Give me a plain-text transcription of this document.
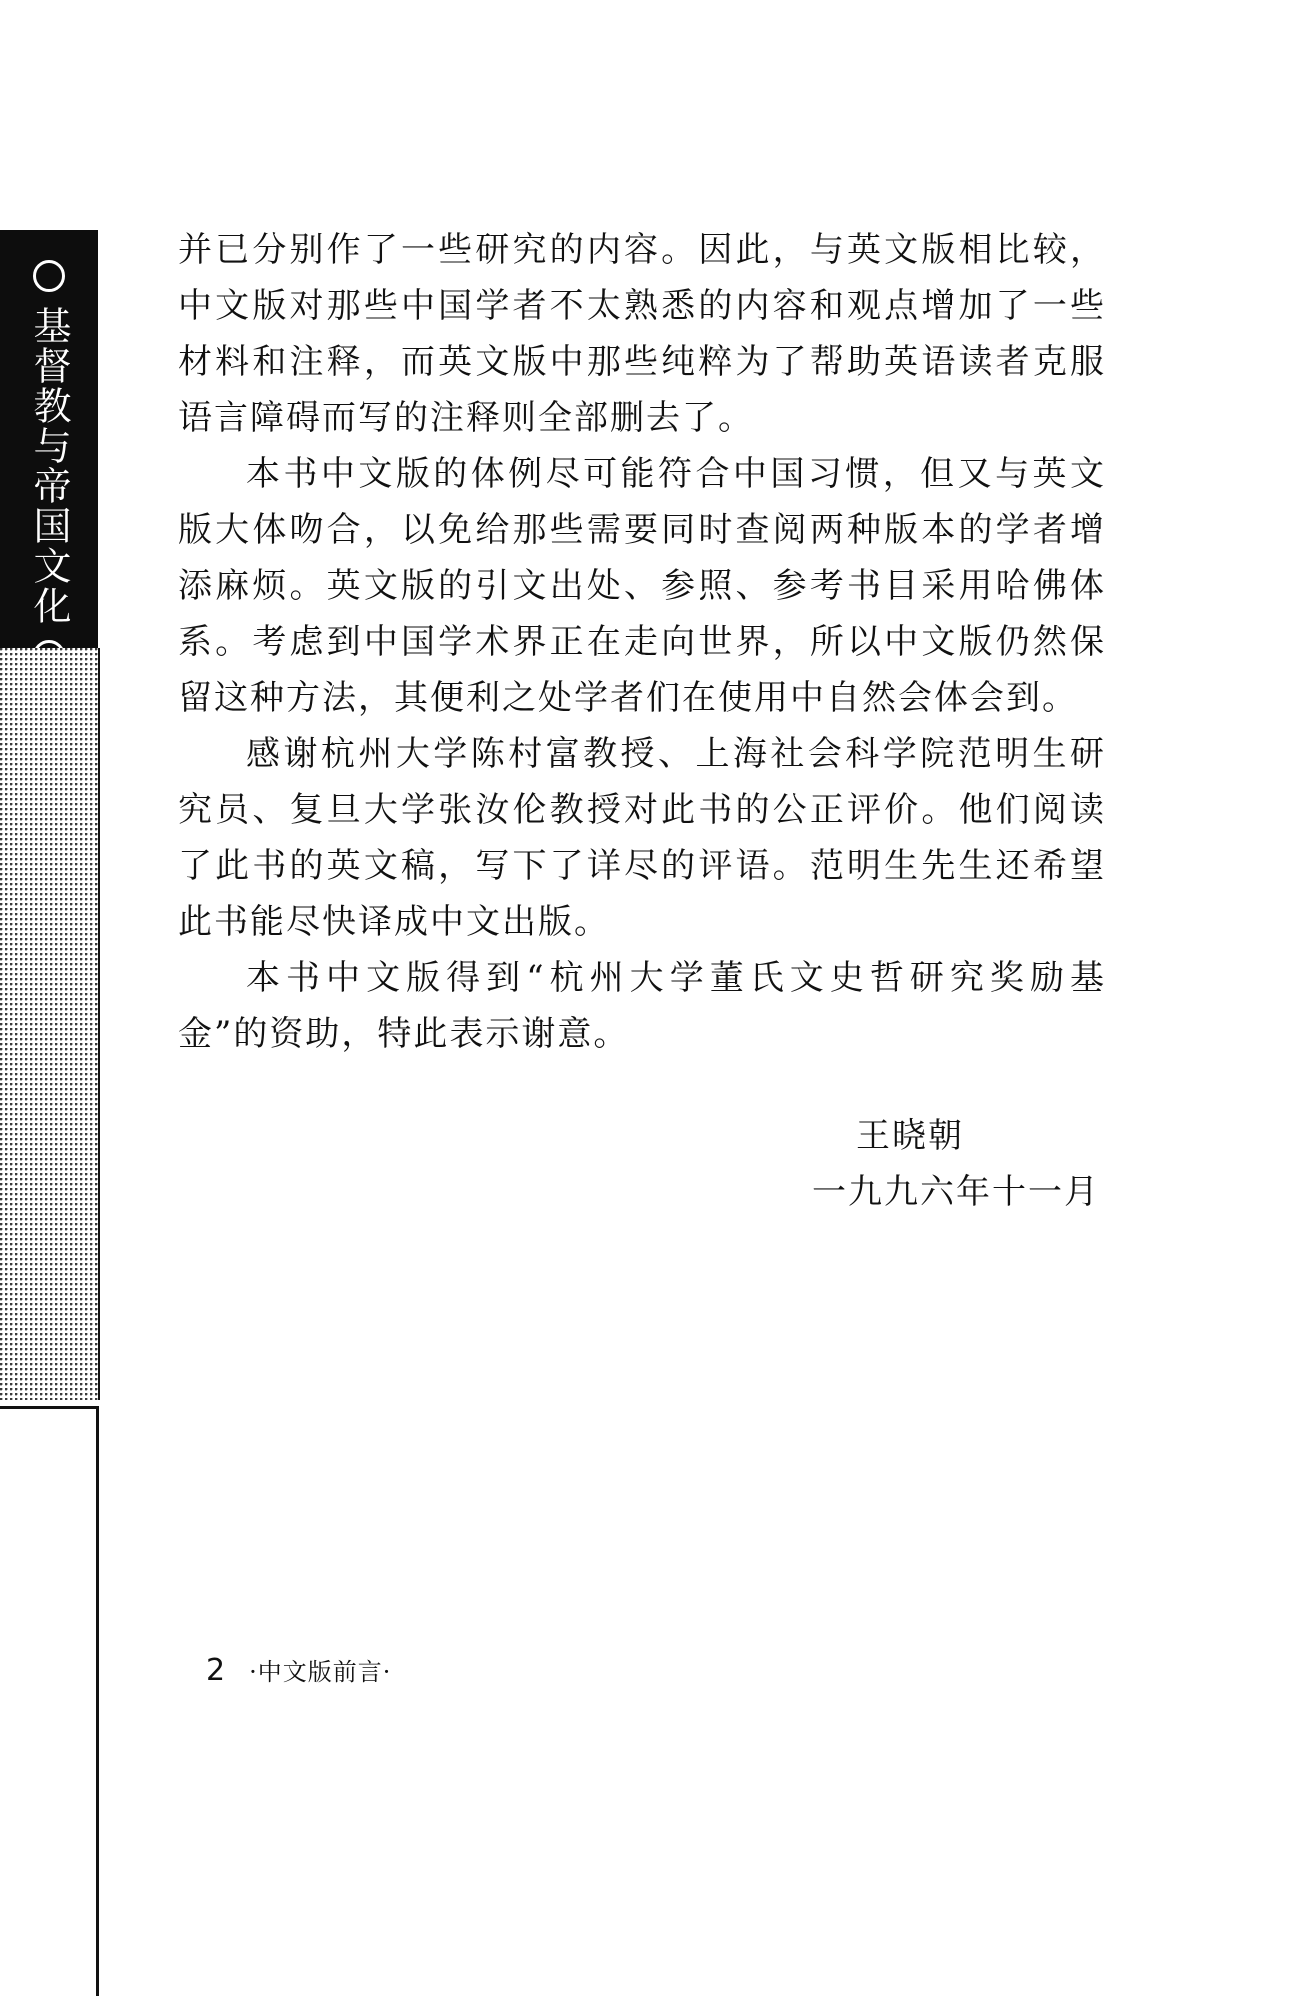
基督教与帝国文化

并已分别作了一些研究的内容。因此，与英文版相比较，中文版对那些中国学者不太熟悉的内容和观点增加了一些材料和注释，而英文版中那些纯粹为了帮助英语读者克服语言障碍而写的注释则全部删去了。

本书中文版的体例尽可能符合中国习惯，但又与英文版大体吻合，以免给那些需要同时查阅两种版本的学者增添麻烦。英文版的引文出处、参照、参考书目采用哈佛体系。考虑到中国学术界正在走向世界，所以中文版仍然保留这种方法，其便利之处学者们在使用中自然会体会到。

感谢杭州大学陈村富教授、上海社会科学院范明生研究员、复旦大学张汝伦教授对此书的公正评价。他们阅读了此书的英文稿，写下了详尽的评语。范明生先生还希望此书能尽快译成中文出版。

本书中文版得到“杭州大学董氏文史哲研究奖励基金”的资助，特此表示谢意。

王晓朝
一九九六年十一月
2 ·中文版前言·
